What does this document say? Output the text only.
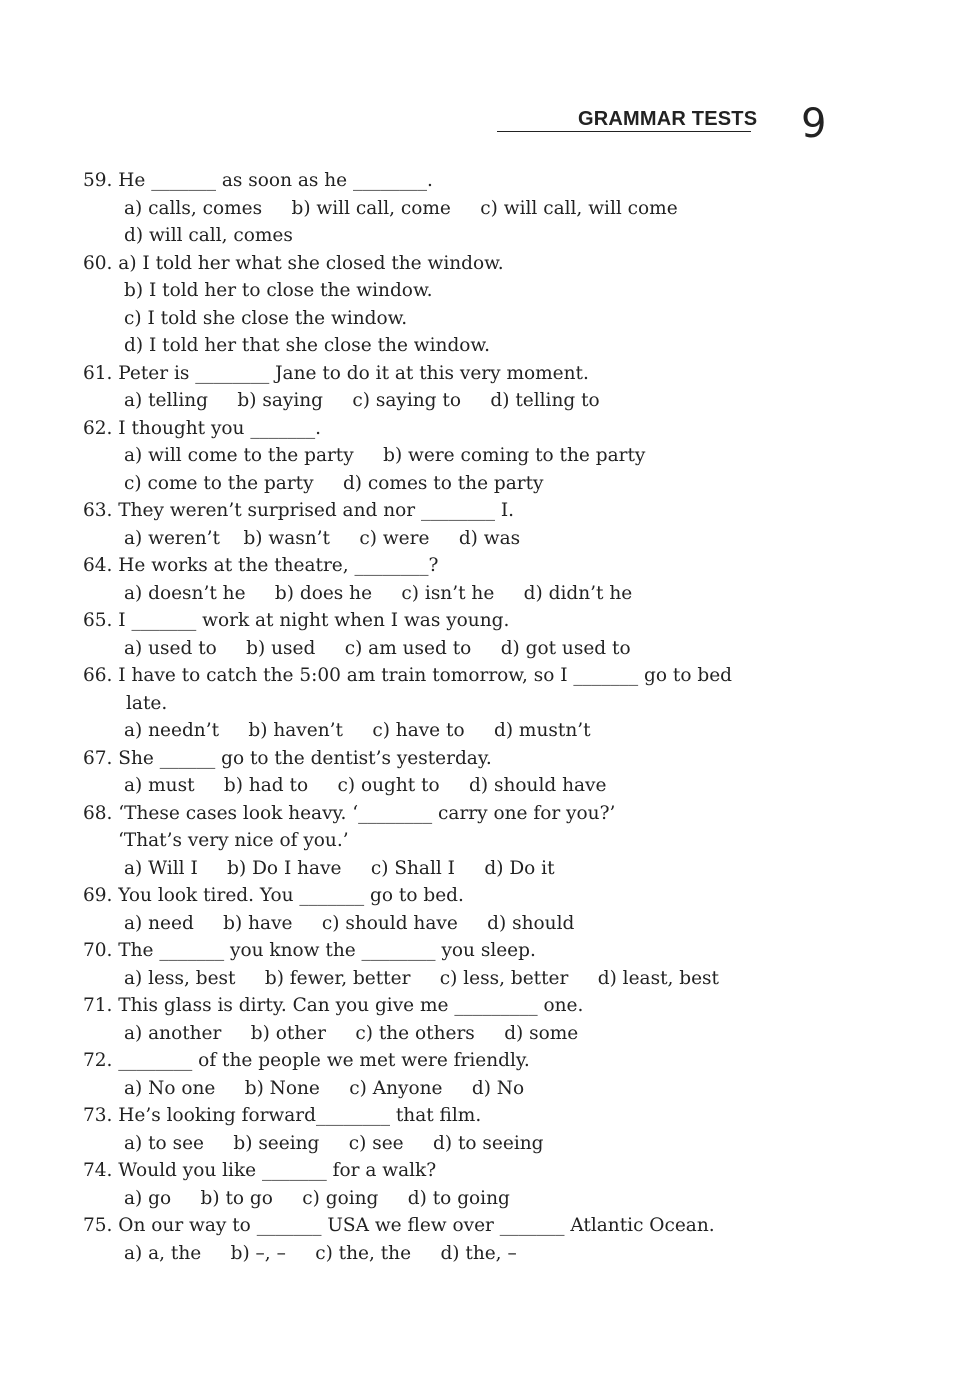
GRAMMAR TESTS 9
59. He _______ as soon as he ________.
a) calls, comes     b) will call, come     c) will call, will come
d) will call, comes
60. a) I told her what she closed the window.
b) I told her to close the window.
c) I told she close the window.
d) I told her that she close the window.
61. Peter is ________ Jane to do it at this very moment.
a) telling     b) saying     c) saying to     d) telling to
62. I thought you _______.
a) will come to the party     b) were coming to the party
c) come to the party     d) comes to the party
63. They weren’t surprised and nor ________ I.
a) weren’t    b) wasn’t     c) were     d) was
64. He works at the theatre, ________?
a) doesn’t he     b) does he     c) isn’t he     d) didn’t he
65. I _______ work at night when I was young.
a) used to     b) used     c) am used to     d) got used to
66. I have to catch the 5:00 am train tomorrow, so I _______ go to bed
late.
a) needn’t     b) haven’t     c) have to     d) mustn’t
67. She ______ go to the dentist’s yesterday.
a) must     b) had to     c) ought to     d) should have
68. ‘These cases look heavy. ‘________ carry one for you?’
‘That’s very nice of you.’
a) Will I     b) Do I have     c) Shall I     d) Do it
69. You look tired. You _______ go to bed.
a) need     b) have     c) should have     d) should
70. The _______ you know the ________ you sleep.
a) less, best     b) fewer, better     c) less, better     d) least, best
71. This glass is dirty. Can you give me _________ one.
a) another     b) other     c) the others     d) some
72. ________ of the people we met were friendly.
a) No one     b) None     c) Anyone     d) No
73. He’s looking forward________ that film.
a) to see     b) seeing     c) see     d) to seeing
74. Would you like _______ for a walk?
a) go     b) to go     c) going     d) to going
75. On our way to _______ USA we flew over _______ Atlantic Ocean.
a) a, the     b) –, –     c) the, the     d) the, –
